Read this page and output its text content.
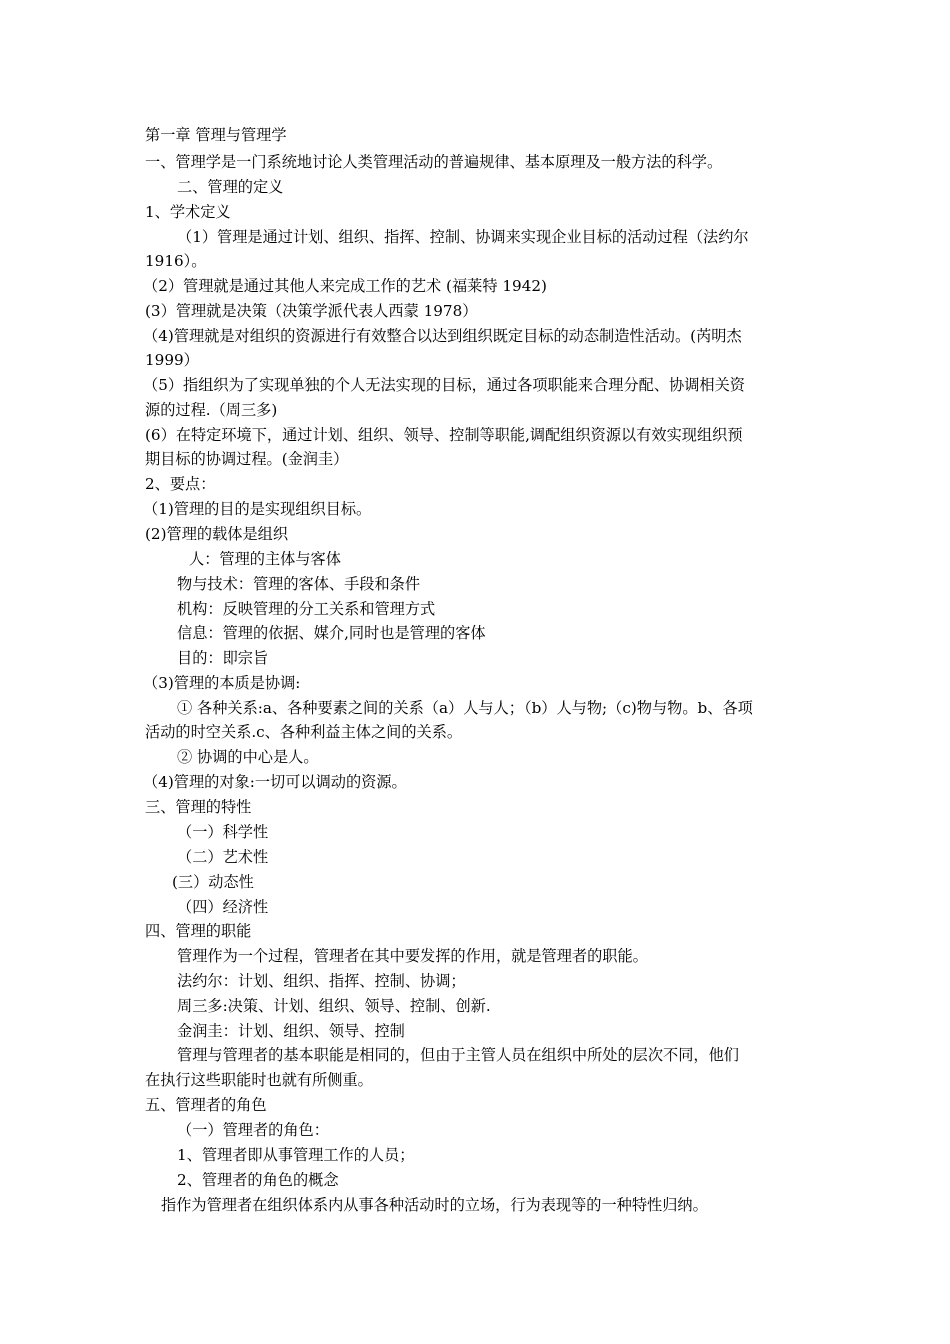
第一章 管理与管理学
一、管理学是一门系统地讨论人类管理活动的普遍规律、基本原理及一般方法的科学。
二、管理的定义
1、学术定义
（1）管理是通过计划、组织、指挥、控制、协调来实现企业目标的活动过程（法约尔
1916）。
（2）管理就是通过其他人来完成工作的艺术 (福莱特 1942)
(3）管理就是决策（决策学派代表人西蒙 1978）
（4)管理就是对组织的资源进行有效整合以达到组织既定目标的动态制造性活动。(芮明杰
1999）
（5）指组织为了实现单独的个人无法实现的目标，通过各项职能来合理分配、协调相关资
源的过程.（周三多)
(6）在特定环境下，通过计划、组织、领导、控制等职能,调配组织资源以有效实现组织预
期目标的协调过程。(金润圭）
2、要点：
（1)管理的目的是实现组织目标。
(2)管理的载体是组织
人：管理的主体与客体
物与技术：管理的客体、手段和条件
机构：反映管理的分工关系和管理方式
信息：管理的依据、媒介,同时也是管理的客体
目的：即宗旨
（3)管理的本质是协调:
① 各种关系:a、各种要素之间的关系（a）人与人；（b）人与物;（c)物与物。b、各项
活动的时空关系.c、各种利益主体之间的关系。
② 协调的中心是人。
（4)管理的对象:一切可以调动的资源。
三、管理的特性
（一）科学性
（二）艺术性
(三）动态性
（四）经济性
四、管理的职能
管理作为一个过程，管理者在其中要发挥的作用，就是管理者的职能。
法约尔：计划、组织、指挥、控制、协调；
周三多:决策、计划、组织、领导、控制、创新.
金润圭：计划、组织、领导、控制
管理与管理者的基本职能是相同的，但由于主管人员在组织中所处的层次不同，他们
在执行这些职能时也就有所侧重。
五、管理者的角色
（一）管理者的角色：
1、管理者即从事管理工作的人员；
2、管理者的角色的概念
指作为管理者在组织体系内从事各种活动时的立场，行为表现等的一种特性归纳。
